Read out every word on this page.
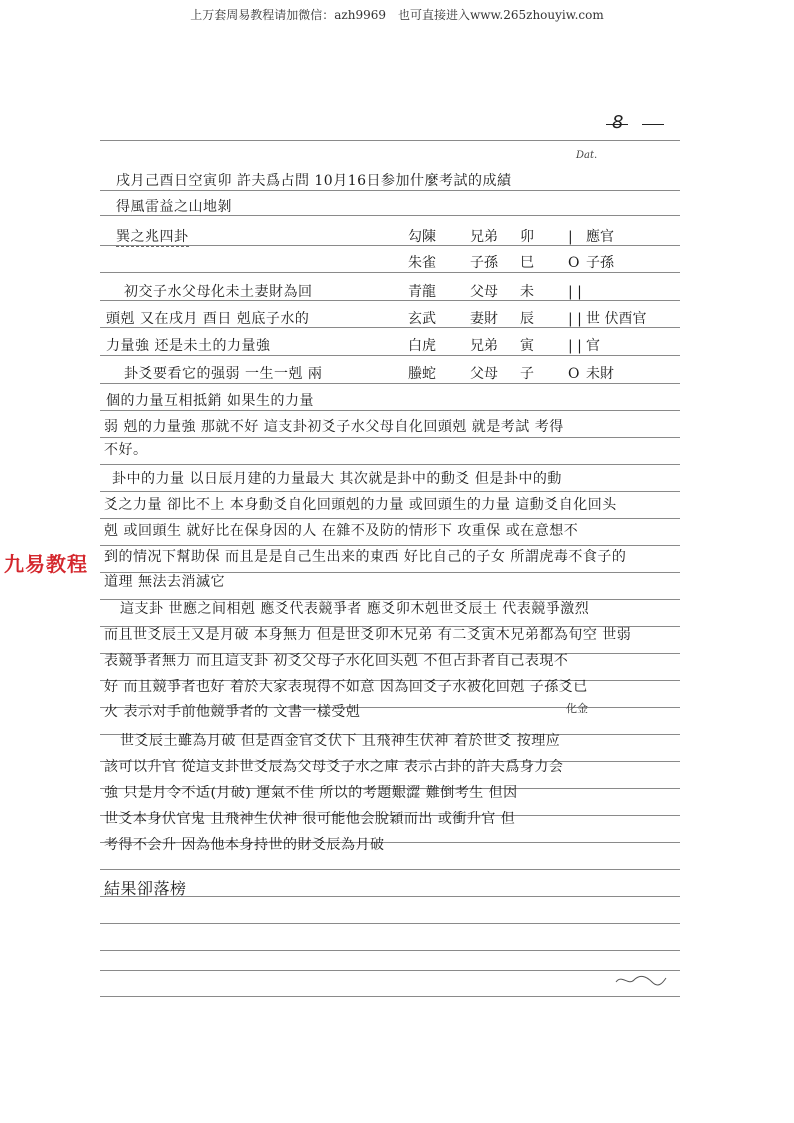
上万套周易教程请加微信：azh9969　也可直接进入www.265zhouyiw.com
8
Dat.
戌月己酉日空寅卯 許夫爲占問 10月16日参加什麼考試的成績
得風雷益之山地剝
巽之兆四卦	勾陳 兄弟 卯 | 應官
朱雀 子孫 巳 O 子孫
青龍 父母 未 | |
玄武 妻財 辰 | | 世 伏酉官
白虎 兄弟 寅 | | 官
螣蛇 父母 子 O 未財
初交子水父母化未土妻財為回
頭剋 又在戌月 酉日 剋底子水的
力量強 还是未土的力量強
卦爻要看它的强弱 一生一剋 兩
個的力量互相抵銷 如果生的力量
弱 剋的力量強 那就不好 這支卦初爻子水父母自化回頭剋 就是考試 考得
不好。
卦中的力量 以日辰月建的力量最大 其次就是卦中的動爻 但是卦中的動
爻之力量 卻比不上 本身動爻自化回頭剋的力量 或回頭生的力量 這動爻自化回头
剋 或回頭生 就好比在保身因的人 在雜不及防的情形下 攻重保 或在意想不
到的情况下幫助保 而且是是自己生出来的東西 好比自己的子女 所謂虎毒不食子的
道理 無法去消滅它
這支卦 世應之间相剋 應爻代表競爭者 應爻卯木剋世爻辰土 代表競爭激烈
而且世爻辰土又是月破 本身無力 但是世爻卯木兄弟 有二爻寅木兄弟都為旬空 世弱
表競爭者無力 而且這支卦 初爻父母子水化回头剋 不但占卦者自己表現不
好 而且競爭者也好 着於大家表現得不如意 因為回爻子水被化回剋 子孫爻已
火 表示对手前他競爭者的 文書一樣受剋	化金
世爻辰土雖為月破 但是酉金官爻伏下 且飛神生伏神 着於世爻 按理应
該可以升官 從這支卦世爻辰為父母爻子水之庫 表示占卦的許夫爲身力会
強 只是月令不适(月破) 運氣不佳 所以的考題艱澀 難倒考生 但因
世爻本身伏官鬼 且飛神生伏神 很可能他会脫穎而出 或衝升官 但
考得不会升 因為他本身持世的財爻辰為月破
結果卻落榜
九易教程
